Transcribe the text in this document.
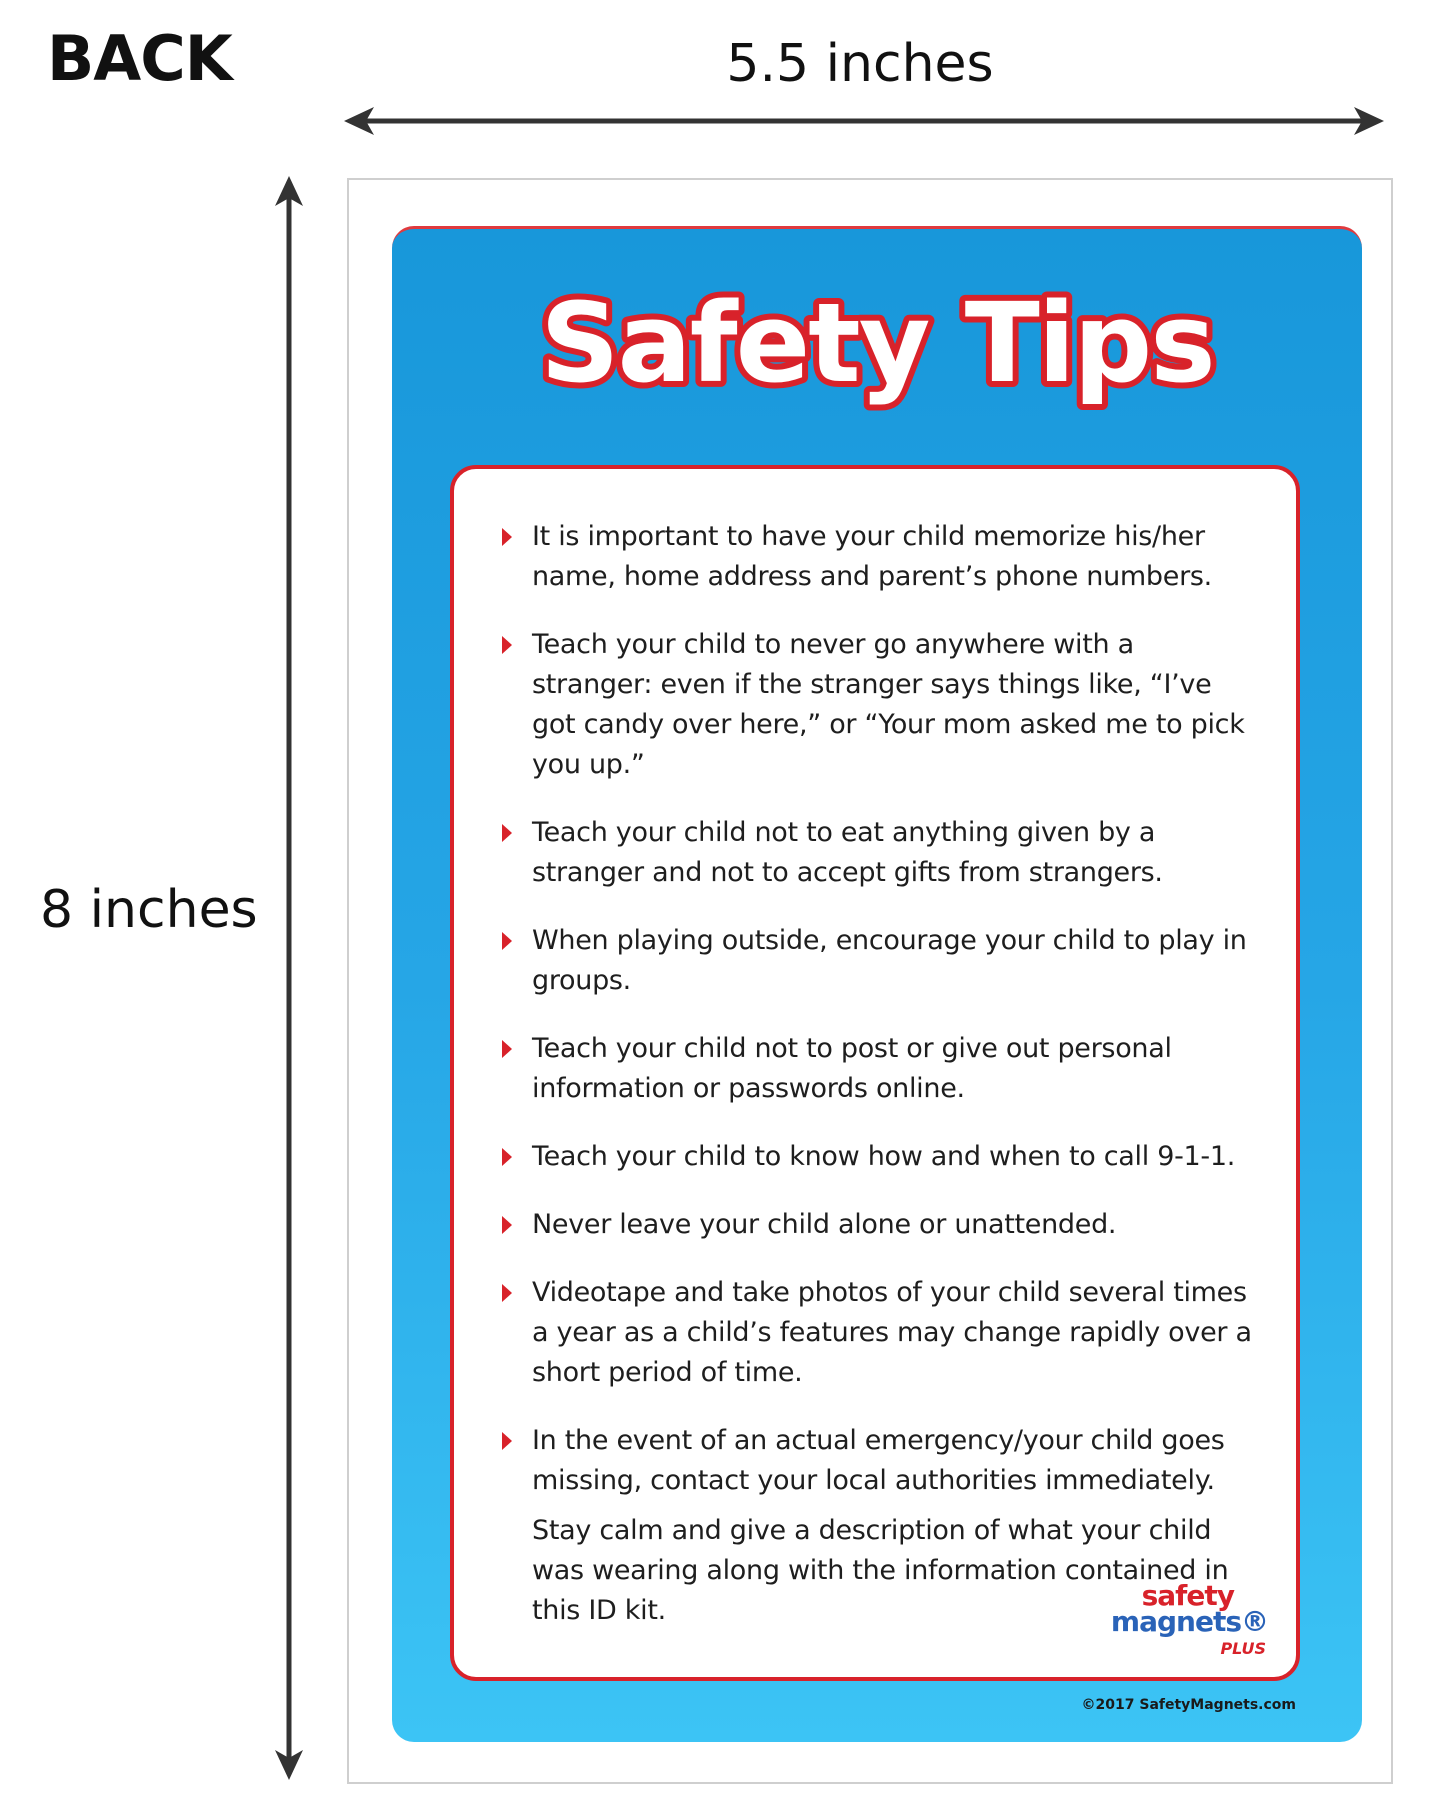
BACK	5.5 inches
8 inches
Safety Tips
It is important to have your child memorize his/her name, home address and parent’s phone numbers.
Teach your child to never go anywhere with a stranger: even if the stranger says things like, “I’ve got candy over here,” or “Your mom asked me to pick you up.”
Teach your child not to eat anything given by a stranger and not to accept gifts from strangers.
When playing outside, encourage your child to play in groups.
Teach your child not to post or give out personal information or passwords online.
Teach your child to know how and when to call 9-1-1.
Never leave your child alone or unattended.
Videotape and take photos of your child several times a year as a child’s features may change rapidly over a short period of time.
In the event of an actual emergency/your child goes missing, contact your local authorities immediately.
Stay calm and give a description of what your child was wearing along with the information contained in this ID kit.	safety
magnets®
PLUS
©2017 SafetyMagnets.com
